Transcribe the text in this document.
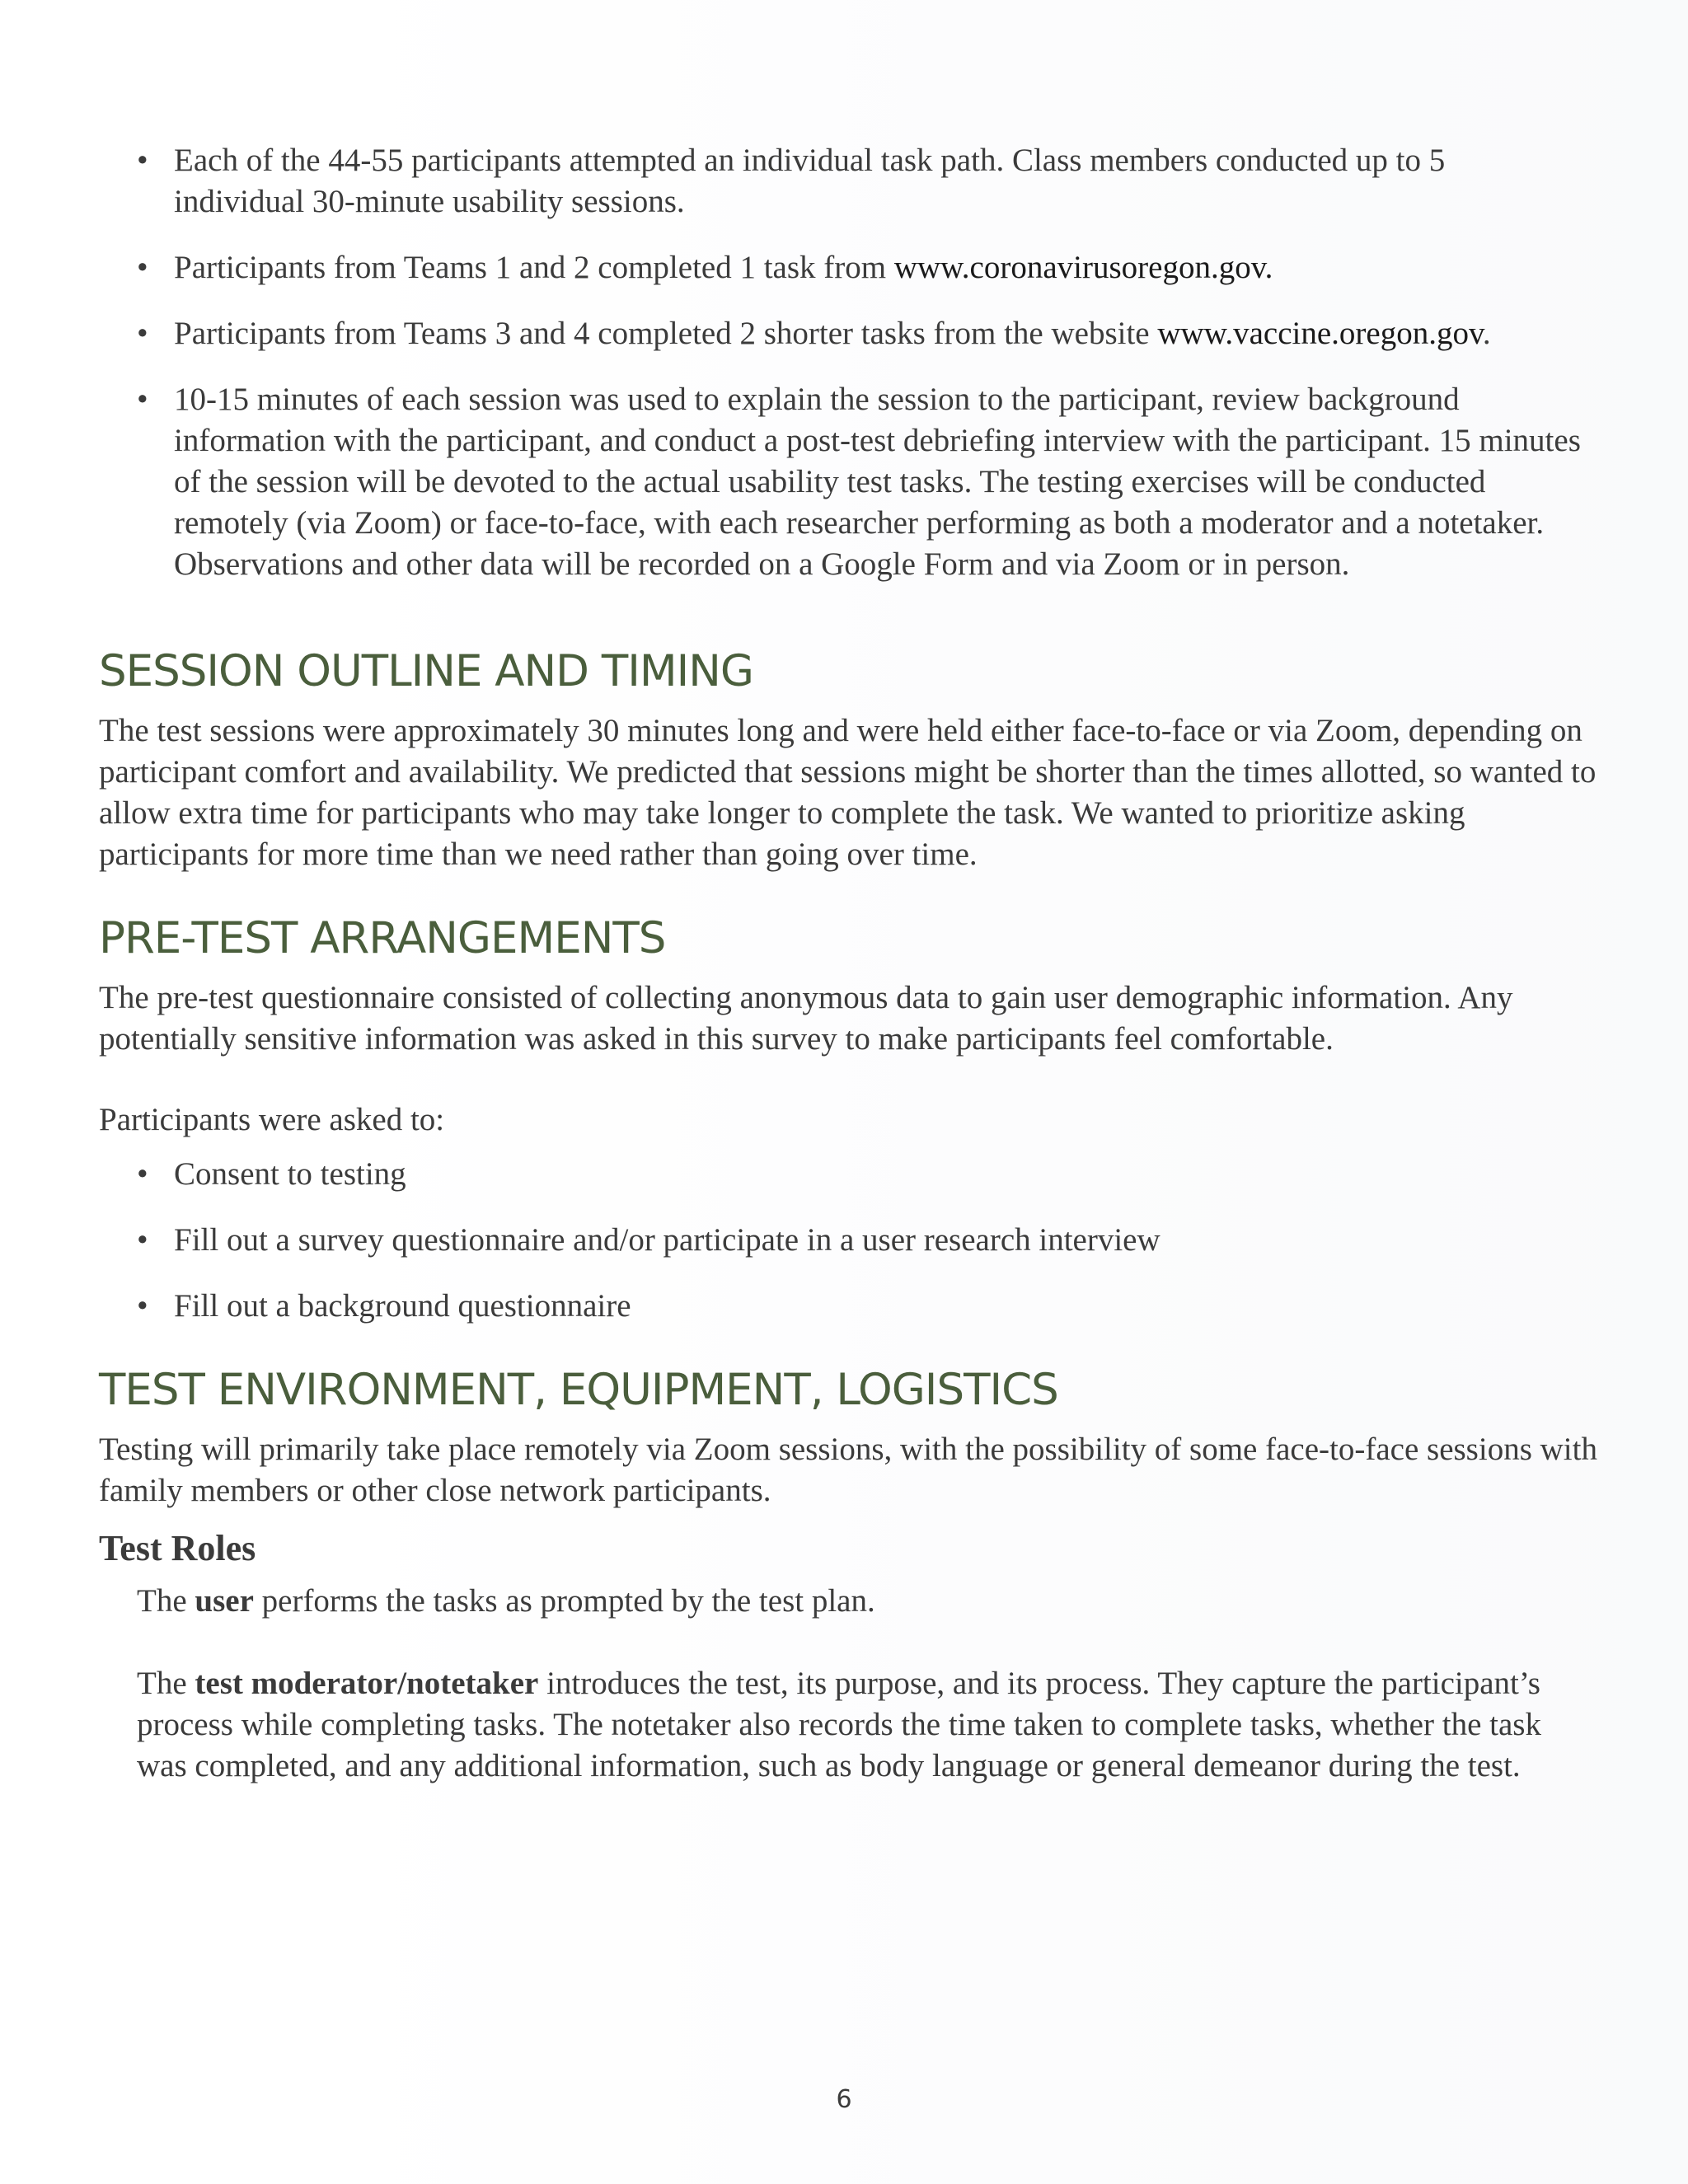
• Each of the 44-55 participants attempted an individual task path. Class members conducted up to 5 individual 30-minute usability sessions.
• Participants from Teams 1 and 2 completed 1 task from www.coronavirusoregon.gov.
• Participants from Teams 3 and 4 completed 2 shorter tasks from the website www.vaccine.oregon.gov.
• 10-15 minutes of each session was used to explain the session to the participant, review background information with the participant, and conduct a post-test debriefing interview with the participant. 15 minutes of the session will be devoted to the actual usability test tasks. The testing exercises will be conducted remotely (via Zoom) or face-to-face, with each researcher performing as both a moderator and a notetaker. Observations and other data will be recorded on a Google Form and via Zoom or in person.
SESSION OUTLINE AND TIMING

The test sessions were approximately 30 minutes long and were held either face-to-face or via Zoom, depending on participant comfort and availability. We predicted that sessions might be shorter than the times allotted, so wanted to allow extra time for participants who may take longer to complete the task. We wanted to prioritize asking participants for more time than we need rather than going over time.

PRE-TEST ARRANGEMENTS

The pre-test questionnaire consisted of collecting anonymous data to gain user demographic information. Any potentially sensitive information was asked in this survey to make participants feel comfortable.

Participants were asked to:

• Consent to testing
• Fill out a survey questionnaire and/or participate in a user research interview
• Fill out a background questionnaire
TEST ENVIRONMENT, EQUIPMENT, LOGISTICS

Testing will primarily take place remotely via Zoom sessions, with the possibility of some face-to-face sessions with family members or other close network participants.

Test Roles

The user performs the tasks as prompted by the test plan.

The test moderator/notetaker introduces the test, its purpose, and its process. They capture the participant’s process while completing tasks. The notetaker also records the time taken to complete tasks, whether the task was completed, and any additional information, such as body language or general demeanor during the test.

6
